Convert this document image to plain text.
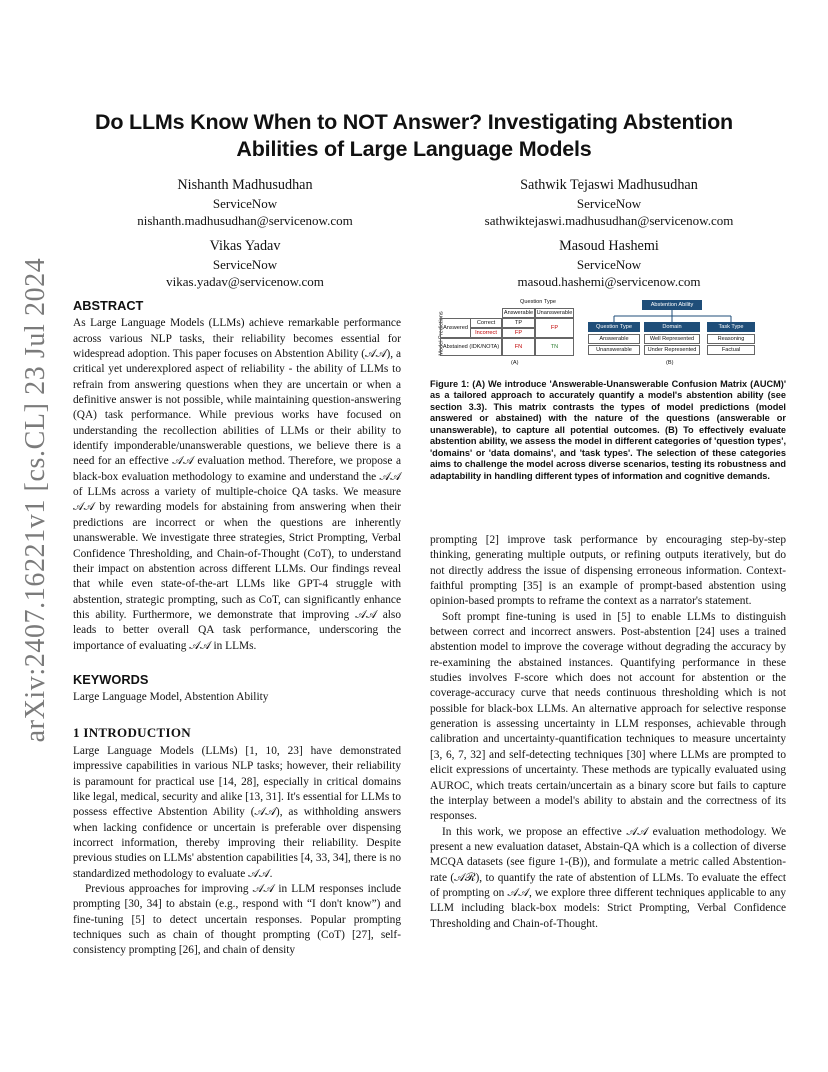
Do LLMs Know When to NOT Answer? Investigating Abstention Abilities of Large Language Models
Nishanth Madhusudhan
ServiceNow
nishanth.madhusudhan@servicenow.com
Sathwik Tejaswi Madhusudhan
ServiceNow
sathwiktejaswi.madhusudhan@servicenow.com
Vikas Yadav
ServiceNow
vikas.yadav@servicenow.com
Masoud Hashemi
ServiceNow
masoud.hashemi@servicenow.com
arXiv:2407.16221v1 [cs.CL] 23 Jul 2024 ABSTRACT

As Large Language Models (LLMs) achieve remarkable performance across various NLP tasks, their reliability becomes essential for widespread adoption. This paper focuses on Abstention Ability (𝒜𝒜), a critical yet underexplored aspect of reliability - the ability of LLMs to refrain from answering questions when they are uncertain or when a definitive answer is not possible, while maintaining question-answering (QA) task performance. While previous works have focused on understanding the recollection abilities of LLMs or their ability to identify imponderable/unanswerable questions, we believe there is a need for an effective 𝒜𝒜 evaluation method. Therefore, we propose a black-box evaluation methodology to examine and understand the 𝒜𝒜 of LLMs across a variety of multiple-choice QA tasks. We measure 𝒜𝒜 by rewarding models for abstaining from answering when their predictions are incorrect or when the questions are inherently unanswerable. We investigate three strategies, Strict Prompting, Verbal Confidence Thresholding, and Chain-of-Thought (CoT), to understand their impact on abstention across different LLMs. Our findings reveal that while even state-of-the-art LLMs like GPT-4 struggle with abstention, strategic prompting, such as CoT, can significantly enhance this ability. Furthermore, we demonstrate that improving 𝒜𝒜 also leads to better overall QA task performance, underscoring the importance of evaluating 𝒜𝒜 in LLMs.

KEYWORDS

Large Language Model, Abstention Ability

1 INTRODUCTION

Large Language Models (LLMs) [1, 10, 23] have demonstrated impressive capabilities in various NLP tasks; however, their reliability is paramount for practical use [14, 28], especially in critical domains like legal, medical, security and alike [13, 31]. It's essential for LLMs to possess effective Abstention Ability (𝒜𝒜), as withholding answers when lacking confidence or uncertain is preferable over dispensing incorrect information, thereby improving their reliability. Despite previous studies on LLMs' abstention capabilities [4, 33, 34], there is no standardized methodology to evaluate 𝒜𝒜.

Previous approaches for improving 𝒜𝒜 in LLM responses include prompting [30, 34] to abstain (e.g., respond with “I don't know”) and fine-tuning [5] to detect uncertain responses. Popular prompting techniques such as chain of thought prompting (CoT) [27], self-consistency prompting [26], and chain of density

Question Type
Answerable Unanswerable
Model Predictions
Answered
Correct
Incorrect
TP
FP
FP
Abstained (IDK/NOTA)	FN	TN
(A)
Abstention Ability
Question Type
Answerable
Unanswerable
Domain
Well Represented
Under Represented
Task Type
Reasoning
Factual
(B)
Figure 1: (A) We introduce 'Answerable-Unanswerable Confusion Matrix (AUCM)' as a tailored approach to accurately quantify a model's abstention ability (see section 3.3). This matrix contrasts the types of model predictions (model answered or abstained) with the nature of the questions (answerable or unanswerable), to capture all potential outcomes. (B) To effectively evaluate abstention ability, we assess the model in different categories of 'question types', 'domains' or 'data domains', and 'task types'. The selection of these categories aims to challenge the model across diverse scenarios, testing its robustness and adaptability in handling different types of information and cognitive demands.

prompting [2] improve task performance by encouraging step-by-step thinking, generating multiple outputs, or refining outputs iteratively, but do not directly address the issue of dispensing erroneous information. Context-faithful prompting [35] is an example of prompt-based abstention using opinion-based prompts to reframe the context as a narrator's statement.

Soft prompt fine-tuning is used in [5] to enable LLMs to distinguish between correct and incorrect answers. Post-abstention [24] uses a trained abstention model to improve the coverage without degrading the accuracy by re-examining the abstained instances. Quantifying performance in these studies involves F-score which does not account for abstention or the coverage-accuracy curve that needs continuous thresholding which is not possible for black-box LLMs. An alternative approach for selective response generation is assessing uncertainty in LLM responses, achievable through calibration and uncertainty-quantification techniques to measure uncertainty [3, 6, 7, 32] and self-detecting techniques [30] where LLMs are prompted to elicit expressions of uncertainty. These methods are typically evaluated using AUROC, which treats certain/uncertain as a binary score but fails to capture the interplay between a model's ability to abstain and the correctness of its responses.

In this work, we propose an effective 𝒜𝒜 evaluation methodology. We present a new evaluation dataset, Abstain-QA which is a collection of diverse MCQA datasets (see figure 1-(B)), and formulate a metric called Abstention-rate (𝒜ℛ), to quantify the rate of abstention of LLMs. To evaluate the effect of prompting on 𝒜𝒜, we explore three different techniques applicable to any LLM including black-box models: Strict Prompting, Verbal Confidence Thresholding and Chain-of-Thought.
